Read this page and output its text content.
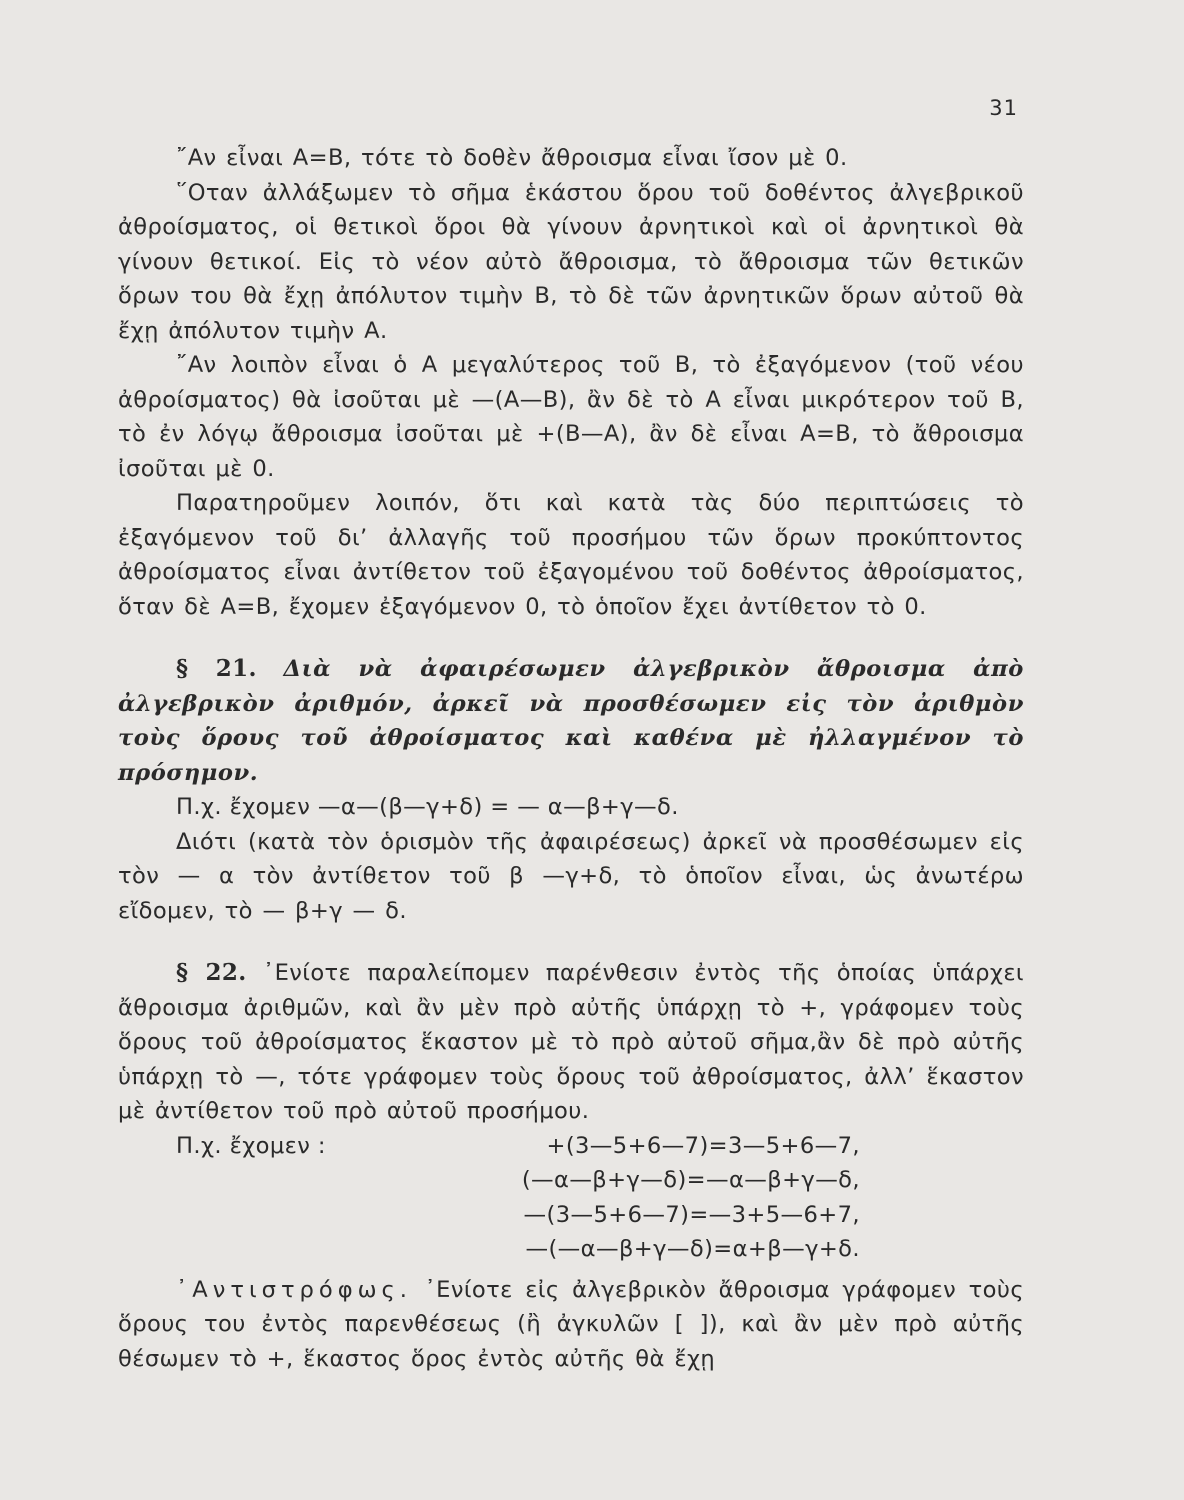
31

῎Αν εἶναι Α=Β, τότε τὸ δοθὲν ἄθροισμα εἶναι ἴσον μὲ 0.

῞Οταν ἀλλάξωμεν τὸ σῆμα ἑκάστου ὅρου τοῦ δοθέντος ἀλγεβρικοῦ ἀθροίσματος, οἱ θετικοὶ ὅροι θὰ γίνουν ἀρνητικοὶ καὶ οἱ ἀρνητικοὶ θὰ γίνουν θετικοί. Εἰς τὸ νέον αὐτὸ ἄθροισμα, τὸ ἄθροισμα τῶν θετικῶν ὅρων του θὰ ἔχῃ ἀπόλυτον τιμὴν Β, τὸ δὲ τῶν ἀρνητικῶν ὅρων αὐτοῦ θὰ ἔχῃ ἀπόλυτον τιμὴν Α.

῎Αν λοιπὸν εἶναι ὁ Α μεγαλύτερος τοῦ Β, τὸ ἐξαγόμενον (τοῦ νέου ἀθροίσματος) θὰ ἰσοῦται μὲ —(Α—Β), ἂν δὲ τὸ Α εἶναι μικρότερον τοῦ Β, τὸ ἐν λόγῳ ἄθροισμα ἰσοῦται μὲ +(Β—Α), ἂν δὲ εἶναι Α=Β, τὸ ἄθροισμα ἰσοῦται μὲ 0.

Παρατηροῦμεν λοιπόν, ὅτι καὶ κατὰ τὰς δύο περιπτώσεις τὸ ἐξαγόμενον τοῦ δι’ ἀλλαγῆς τοῦ προσήμου τῶν ὅρων προκύπτοντος ἀθροίσματος εἶναι ἀντίθετον τοῦ ἐξαγομένου τοῦ δοθέντος ἀθροίσματος, ὅταν δὲ Α=Β, ἔχομεν ἐξαγόμενον 0, τὸ ὁποῖον ἔχει ἀντίθετον τὸ 0.

§ 21. Διὰ νὰ ἀφαιρέσωμεν ἀλγεβρικὸν ἄθροισμα ἀπὸ ἀλγεβρικὸν ἀριθμόν, ἀρκεῖ νὰ προσθέσωμεν εἰς τὸν ἀριθμὸν τοὺς ὅρους τοῦ ἀθροίσματος καὶ καθένα μὲ ἠλλαγμένον τὸ πρόσημον.

Π.χ. ἔχομεν —α—(β—γ+δ) = — α—β+γ—δ.

Διότι (κατὰ τὸν ὁρισμὸν τῆς ἀφαιρέσεως) ἀρκεῖ νὰ προσθέσωμεν εἰς τὸν — α τὸν ἀντίθετον τοῦ β —γ+δ, τὸ ὁποῖον εἶναι, ὡς ἀνωτέρω εἴδομεν, τὸ — β+γ — δ.

§ 22. ᾽Ενίοτε παραλείπομεν παρένθεσιν ἐντὸς τῆς ὁποίας ὑπάρχει ἄθροισμα ἀριθμῶν, καὶ ἂν μὲν πρὸ αὐτῆς ὑπάρχῃ τὸ +, γράφομεν τοὺς ὅρους τοῦ ἀθροίσματος ἕκαστον μὲ τὸ πρὸ αὐτοῦ σῆμα,ἂν δὲ πρὸ αὐτῆς ὑπάρχῃ τὸ —, τότε γράφομεν τοὺς ὅρους τοῦ ἀθροίσματος, ἀλλ’ ἕκαστον μὲ ἀντίθετον τοῦ πρὸ αὐτοῦ προσήμου.

Π.χ. ἔχομεν :	+(3—5+6—7)=3—5+6—7,
(—α—β+γ—δ)=—α—β+γ—δ,
—(3—5+6—7)=—3+5—6+7,
—(—α—β+γ—δ)=α+β—γ+δ.

᾽Αντιστρόφως. ᾽Ενίοτε εἰς ἀλγεβρικὸν ἄθροισμα γράφομεν τοὺς ὅρους του ἐντὸς παρενθέσεως (ἢ ἀγκυλῶν [ ]), καὶ ἂν μὲν πρὸ αὐτῆς θέσωμεν τὸ +, ἕκαστος ὅρος ἐντὸς αὐτῆς θὰ ἔχῃ
